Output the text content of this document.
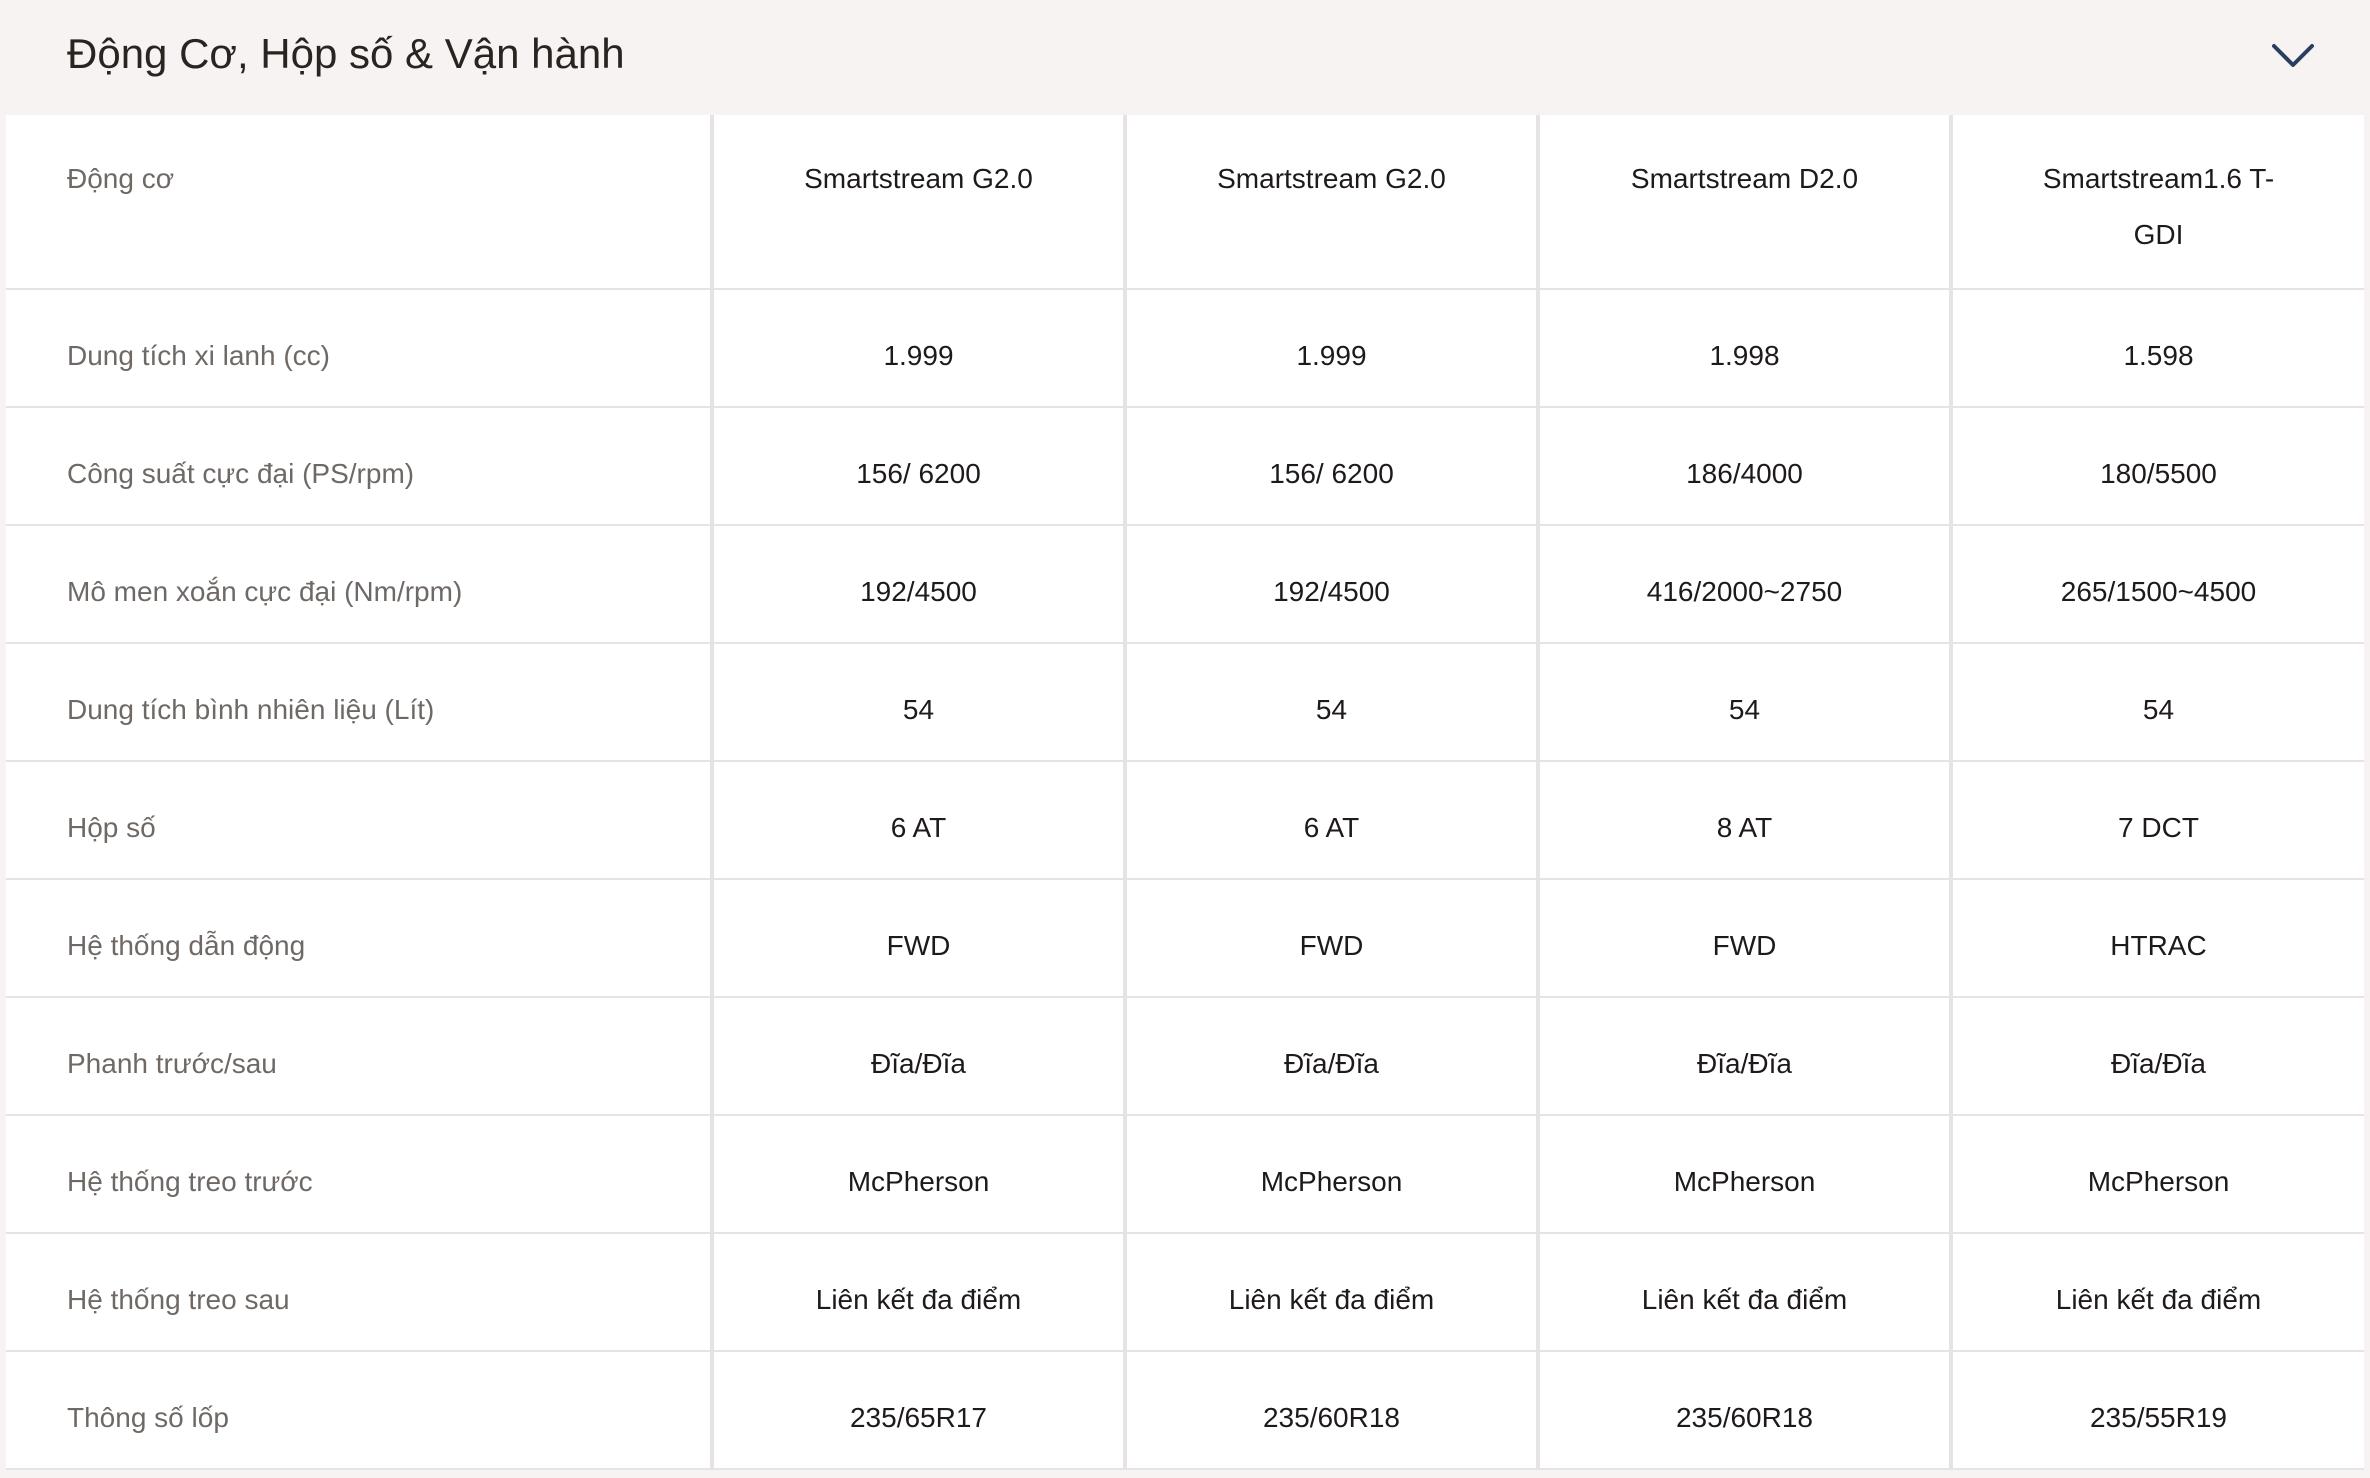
Động Cơ, Hộp số & Vận hành
Động cơ	Smartstream G2.0	Smartstream G2.0	Smartstream D2.0	Smartstream1.6 T-GDI

Dung tích xi lanh (cc)	1.999	1.999	1.998	1.598

Công suất cực đại (PS/rpm)	156/ 6200	156/ 6200	186/4000	180/5500

Mô men xoắn cực đại (Nm/rpm)	192/4500	192/4500	416/2000~2750	265/1500~4500

Dung tích bình nhiên liệu (Lít)	54	54	54	54

Hộp số	6 AT	6 AT	8 AT	7 DCT

Hệ thống dẫn động	FWD	FWD	FWD	HTRAC

Phanh trước/sau	Đĩa/Đĩa	Đĩa/Đĩa	Đĩa/Đĩa	Đĩa/Đĩa

Hệ thống treo trước	McPherson	McPherson	McPherson	McPherson

Hệ thống treo sau	Liên kết đa điểm	Liên kết đa điểm	Liên kết đa điểm	Liên kết đa điểm

Thông số lốp	235/65R17	235/60R18	235/60R18	235/55R19
